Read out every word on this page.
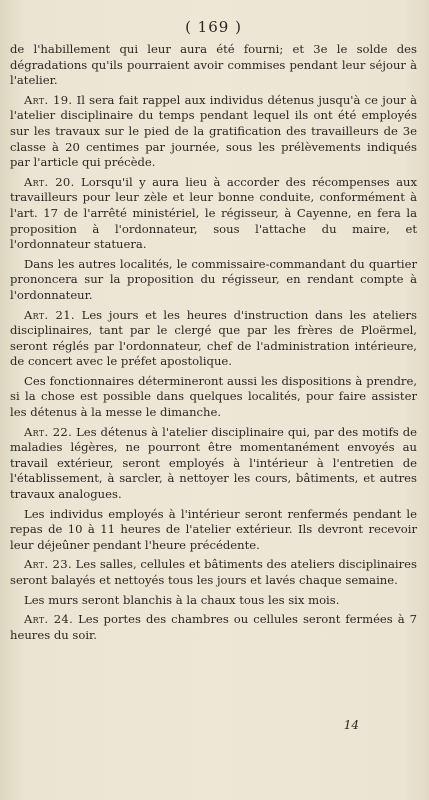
( 169 )

de l'habillement qui leur aura été fourni; et 3e le solde des dégradations qu'ils pourraient avoir commises pendant leur séjour à l'atelier.

Art. 19. Il sera fait rappel aux individus détenus jusqu'à ce jour à l'atelier disciplinaire du temps pendant lequel ils ont été employés sur les travaux sur le pied de la gratification des travailleurs de 3e classe à 20 centimes par journée, sous les prélèvements indiqués par l'article qui précède.

Art. 20. Lorsqu'il y aura lieu à accorder des récompenses aux travailleurs pour leur zèle et leur bonne conduite, conformément à l'art. 17 de l'arrêté ministériel, le régisseur, à Cayenne, en fera la proposition à l'ordonnateur, sous l'attache du maire, et l'ordonnateur statuera.

Dans les autres localités, le commissaire-commandant du quartier prononcera sur la proposition du régisseur, en rendant compte à l'ordonnateur.

Art. 21. Les jours et les heures d'instruction dans les ateliers disciplinaires, tant par le clergé que par les frères de Ploërmel, seront réglés par l'ordonnateur, chef de l'administration intérieure, de concert avec le préfet apostolique.

Ces fonctionnaires détermineront aussi les dispositions à prendre, si la chose est possible dans quelques localités, pour faire assister les détenus à la messe le dimanche.

Art. 22. Les détenus à l'atelier disciplinaire qui, par des motifs de maladies légères, ne pourront être momentanément envoyés au travail extérieur, seront employés à l'intérieur à l'entretien de l'établissement, à sarcler, à nettoyer les cours, bâtiments, et autres travaux analogues.

Les individus employés à l'intérieur seront renfermés pendant le repas de 10 à 11 heures de l'atelier extérieur. Ils devront recevoir leur déjeûner pendant l'heure précédente.

Art. 23. Les salles, cellules et bâtiments des ateliers disciplinaires seront balayés et nettoyés tous les jours et lavés chaque semaine.

Les murs seront blanchis à la chaux tous les six mois.

Art. 24. Les portes des chambres ou cellules seront fermées à 7 heures du soir.

14
